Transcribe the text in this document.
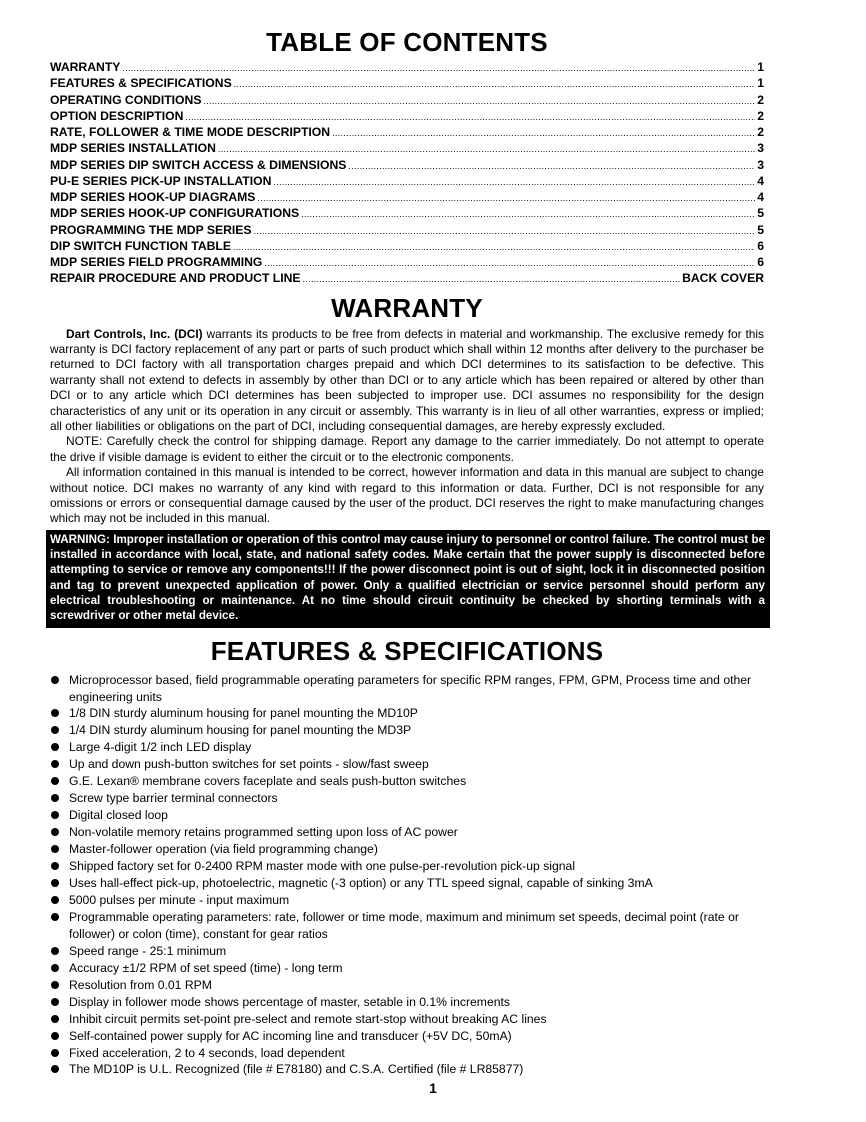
TABLE OF CONTENTS
WARRANTY .....	1
FEATURES & SPECIFICATIONS .....	1
OPERATING CONDITIONS .....	2
OPTION DESCRIPTION .....	2
RATE, FOLLOWER & TIME MODE DESCRIPTION .....	2
MDP SERIES INSTALLATION .....	3
MDP SERIES DIP SWITCH ACCESS & DIMENSIONS .....	3
PU-E SERIES PICK-UP INSTALLATION .....	4
MDP SERIES HOOK-UP DIAGRAMS .....	4
MDP SERIES HOOK-UP CONFIGURATIONS .....	5
PROGRAMMING THE MDP SERIES .....	5
DIP SWITCH FUNCTION TABLE .....	6
MDP SERIES FIELD PROGRAMMING .....	6
REPAIR PROCEDURE AND PRODUCT LINE .....	BACK COVER
WARRANTY

Dart Controls, Inc. (DCI) warrants its products to be free from defects in material and workmanship. The exclusive remedy for this warranty is DCI factory replacement of any part or parts of such product which shall within 12 months after delivery to the purchaser be returned to DCI factory with all transportation charges prepaid and which DCI determines to its satisfaction to be defective. This warranty shall not extend to defects in assembly by other than DCI or to any article which has been repaired or altered by other than DCI or to any article which DCI determines has been subjected to improper use. DCI assumes no responsibility for the design characteristics of any unit or its operation in any circuit or assembly. This warranty is in lieu of all other warranties, express or implied; all other liabilities or obligations on the part of DCI, including consequential damages, are hereby expressly excluded.

NOTE: Carefully check the control for shipping damage. Report any damage to the carrier immediately. Do not attempt to operate the drive if visible damage is evident to either the circuit or to the electronic components.

All information contained in this manual is intended to be correct, however information and data in this manual are subject to change without notice. DCI makes no warranty of any kind with regard to this information or data. Further, DCI is not responsible for any omissions or errors or consequential damage caused by the user of the product. DCI reserves the right to make manufacturing changes which may not be included in this manual.

WARNING: Improper installation or operation of this control may cause injury to personnel or control failure. The control must be installed in accordance with local, state, and national safety codes. Make certain that the power supply is disconnected before attempting to service or remove any components!!! If the power disconnect point is out of sight, lock it in disconnected position and tag to prevent unexpected application of power. Only a qualified electrician or service personnel should perform any electrical troubleshooting or maintenance. At no time should circuit continuity be checked by shorting terminals with a screwdriver or other metal device.
FEATURES & SPECIFICATIONS
Microprocessor based, field programmable operating parameters for specific RPM ranges, FPM, GPM, Process time and other engineering units
1/8 DIN sturdy aluminum housing for panel mounting the MD10P
1/4 DIN sturdy aluminum housing for panel mounting the MD3P
Large 4-digit 1/2 inch LED display
Up and down push-button switches for set points - slow/fast sweep
G.E. Lexan® membrane covers faceplate and seals push-button switches
Screw type barrier terminal connectors
Digital closed loop
Non-volatile memory retains programmed setting upon loss of AC power
Master-follower operation (via field programming change)
Shipped factory set for 0-2400 RPM master mode with one pulse-per-revolution pick-up signal
Uses hall-effect pick-up, photoelectric, magnetic (-3 option) or any TTL speed signal, capable of sinking 3mA
5000 pulses per minute - input maximum
Programmable operating parameters: rate, follower or time mode, maximum and minimum set speeds, decimal point (rate or follower) or colon (time), constant for gear ratios
Speed range - 25:1 minimum
Accuracy ±1/2 RPM of set speed (time) - long term
Resolution from 0.01 RPM
Display in follower mode shows percentage of master, setable in 0.1% increments
Inhibit circuit permits set-point pre-select and remote start-stop without breaking AC lines
Self-contained power supply for AC incoming line and transducer (+5V DC, 50mA)
Fixed acceleration, 2 to 4 seconds, load dependent
The MD10P is U.L. Recognized (file # E78180) and C.S.A. Certified (file # LR85877)
1
